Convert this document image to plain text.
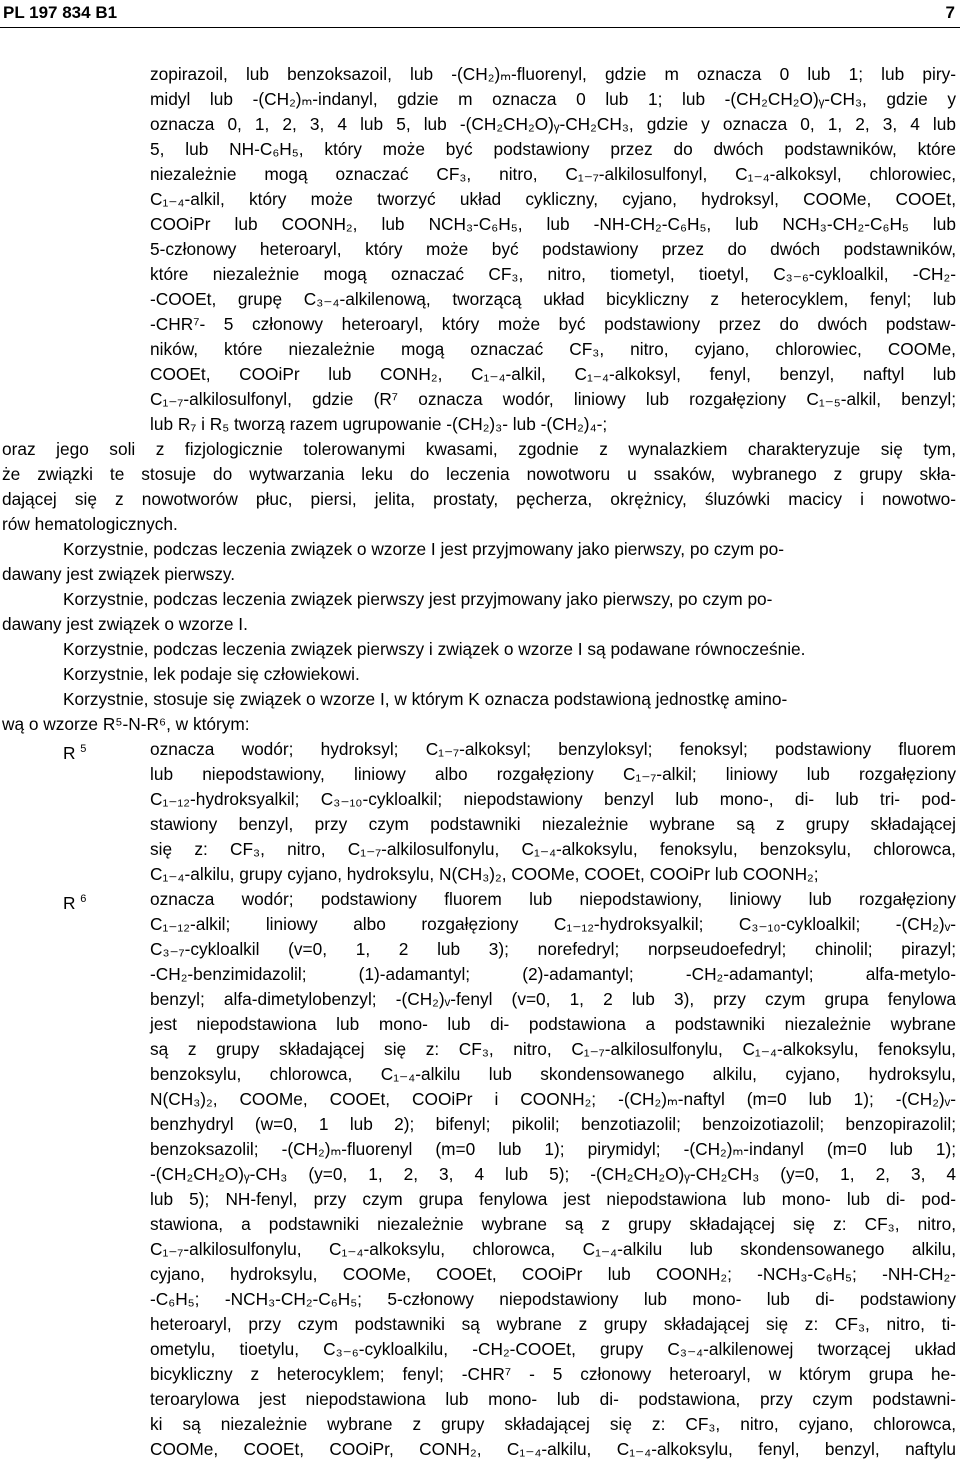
PL 197 834 B1	7
zopirazoil, lub benzoksazoil, lub -(CH₂)ₘ-fluorenyl, gdzie m oznacza 0 lub 1; lub piry-
midyl lub -(CH₂)ₘ-indanyl, gdzie m oznacza 0 lub 1; lub -(CH₂CH₂O)ᵧ-CH₃, gdzie y
oznacza 0, 1, 2, 3, 4 lub 5, lub -(CH₂CH₂O)ᵧ-CH₂CH₃, gdzie y oznacza 0, 1, 2, 3, 4 lub
5, lub NH-C₆H₅, który może być podstawiony przez do dwóch podstawników, które
niezależnie mogą oznaczać CF₃, nitro, C₁₋₇-alkilosulfonyl, C₁₋₄-alkoksyl, chlorowiec,
C₁₋₄-alkil, który może tworzyć układ cykliczny, cyjano, hydroksyl, COOMe, COOEt,
COOiPr lub COONH₂, lub NCH₃-C₆H₅, lub -NH-CH₂-C₆H₅, lub NCH₃-CH₂-C₆H₅ lub
5-członowy heteroaryl, który może być podstawiony przez do dwóch podstawników,
które niezależnie mogą oznaczać CF₃, nitro, tiometyl, tioetyl, C₃₋₆-cykloalkil, -CH₂-
-COOEt, grupę C₃₋₄-alkilenową, tworzącą układ bicykliczny z heterocyklem, fenyl; lub
-CHR⁷- 5 członowy heteroaryl, który może być podstawiony przez do dwóch podstaw-
ników, które niezależnie mogą oznaczać CF₃, nitro, cyjano, chlorowiec, COOMe,
COOEt, COOiPr lub CONH₂, C₁₋₄-alkil, C₁₋₄-alkoksyl, fenyl, benzyl, naftyl lub
C₁₋₇-alkilosulfonyl, gdzie (R⁷ oznacza wodór, liniowy lub rozgałęziony C₁₋₅-alkil, benzyl;
lub R₇ i R₅ tworzą razem ugrupowanie -(CH₂)₃- lub -(CH₂)₄-;
oraz jego soli z fizjologicznie tolerowanymi kwasami, zgodnie z wynalazkiem charakteryzuje się tym,
że związki te stosuje do wytwarzania leku do leczenia nowotworu u ssaków, wybranego z grupy skła-
dającej się z nowotworów płuc, piersi, jelita, prostaty, pęcherza, okrężnicy, śluzówki macicy i nowotwo-
rów hematologicznych.
Korzystnie, podczas leczenia związek o wzorze I jest przyjmowany jako pierwszy, po czym po-
dawany jest związek pierwszy.
Korzystnie, podczas leczenia związek pierwszy jest przyjmowany jako pierwszy, po czym po-
dawany jest związek o wzorze I.
Korzystnie, podczas leczenia związek pierwszy i związek o wzorze I są podawane równocześnie.
Korzystnie, lek podaje się człowiekowi.
Korzystnie, stosuje się związek o wzorze I, w którym K oznacza podstawioną jednostkę amino-
wą o wzorze R⁵-N-R⁶, w którym:
R $^5$	oznacza wodór; hydroksyl; C₁₋₇-alkoksyl; benzyloksyl; fenoksyl; podstawiony fluorem
lub niepodstawiony, liniowy albo rozgałęziony C₁₋₇-alkil; liniowy lub rozgałęziony
C₁₋₁₂-hydroksyalkil; C₃₋₁₀-cykloalkil; niepodstawiony benzyl lub mono-, di- lub tri- pod-
stawiony benzyl, przy czym podstawniki niezależnie wybrane są z grupy składającej
się z: CF₃, nitro, C₁₋₇-alkilosulfonylu, C₁₋₄-alkoksylu, fenoksylu, benzoksylu, chlorowca,
C₁₋₄-alkilu, grupy cyjano, hydroksylu, N(CH₃)₂, COOMe, COOEt, COOiPr lub COONH₂;
R $^6$	oznacza wodór; podstawiony fluorem lub niepodstawiony, liniowy lub rozgałęziony
C₁₋₁₂-alkil; liniowy albo rozgałęziony C₁₋₁₂-hydroksyalkil; C₃₋₁₀-cykloalkil; -(CH₂)ᵥ-
C₃₋₇-cykloalkil (v=0, 1, 2 lub 3); norefedryl; norpseudoefedryl; chinolil; pirazyl;
-CH₂-benzimidazolil; (1)-adamantyl; (2)-adamantyl; -CH₂-adamantyl; alfa-metylo-
benzyl; alfa-dimetylobenzyl; -(CH₂)ᵥ-fenyl (v=0, 1, 2 lub 3), przy czym grupa fenylowa
jest niepodstawiona lub mono- lub di- podstawiona a podstawniki niezależnie wybrane
są z grupy składającej się z: CF₃, nitro, C₁₋₇-alkilosulfonylu, C₁₋₄-alkoksylu, fenoksylu,
benzoksylu, chlorowca, C₁₋₄-alkilu lub skondensowanego alkilu, cyjano, hydroksylu,
N(CH₃)₂, COOMe, COOEt, COOiPr i COONH₂; -(CH₂)ₘ-naftyl (m=0 lub 1); -(CH₂)ᵥ-
benzhydryl (w=0, 1 lub 2); bifenyl; pikolil; benzotiazolil; benzoizotiazolil; benzopirazolil;
benzoksazolil; -(CH₂)ₘ-fluorenyl (m=0 lub 1); pirymidyl; -(CH₂)ₘ-indanyl (m=0 lub 1);
-(CH₂CH₂O)ᵧ-CH₃ (y=0, 1, 2, 3, 4 lub 5); -(CH₂CH₂O)ᵧ-CH₂CH₃ (y=0, 1, 2, 3, 4
lub 5); NH-fenyl, przy czym grupa fenylowa jest niepodstawiona lub mono- lub di- pod-
stawiona, a podstawniki niezależnie wybrane są z grupy składającej się z: CF₃, nitro,
C₁₋₇-alkilosulfonylu, C₁₋₄-alkoksylu, chlorowca, C₁₋₄-alkilu lub skondensowanego alkilu,
cyjano, hydroksylu, COOMe, COOEt, COOiPr lub COONH₂; -NCH₃-C₆H₅; -NH-CH₂-
-C₆H₅; -NCH₃-CH₂-C₆H₅; 5-członowy niepodstawiony lub mono- lub di- podstawiony
heteroaryl, przy czym podstawniki są wybrane z grupy składającej się z: CF₃, nitro, ti-
ometylu, tioetylu, C₃₋₆-cykloalkilu, -CH₂-COOEt, grupy C₃₋₄-alkilenowej tworzącej układ
bicykliczny z heterocyklem; fenyl; -CHR⁷ - 5 członowy heteroaryl, w którym grupa he-
teroarylowa jest niepodstawiona lub mono- lub di- podstawiona, przy czym podstawni-
ki są niezależnie wybrane z grupy składającej się z: CF₃, nitro, cyjano, chlorowca,
COOMe, COOEt, COOiPr, CONH₂, C₁₋₄-alkilu, C₁₋₄-alkoksylu, fenyl, benzyl, naftylu
